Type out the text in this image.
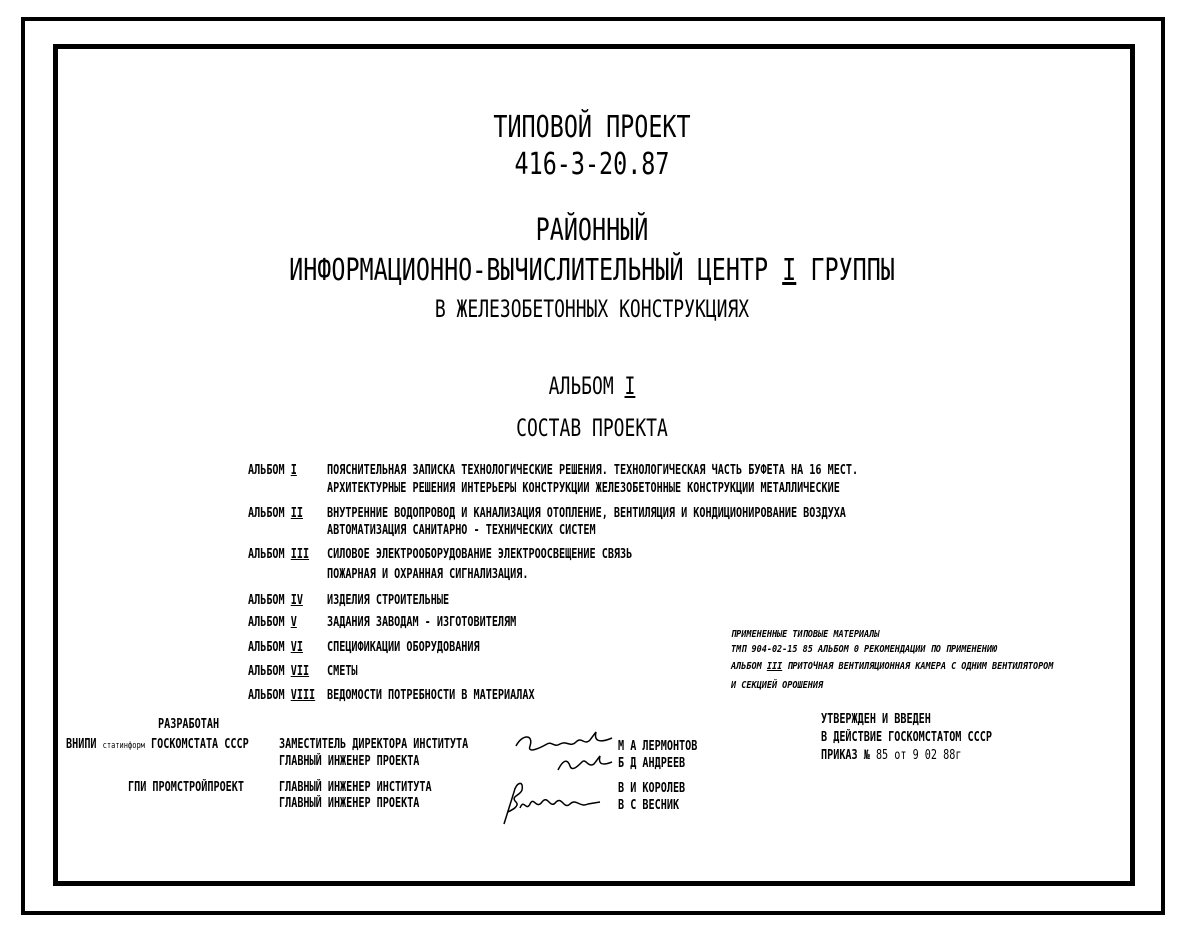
ТИПОВОЙ ПРОЕКТ
416-3-20.87
РАЙОННЫЙ
ИНФОРМАЦИОННО-ВЫЧИСЛИТЕЛЬНЫЙ ЦЕНТР I ГРУППЫ
В ЖЕЛЕЗОБЕТОННЫХ КОНСТРУКЦИЯХ
АЛЬБОМ I
СОСТАВ ПРОЕКТА
АЛЬБОМ I ПОЯСНИТЕЛЬНАЯ ЗАПИСКА ТЕХНОЛОГИЧЕСКИЕ РЕШЕНИЯ. ТЕХНОЛОГИЧЕСКАЯ ЧАСТЬ БУФЕТА НА 16 МЕСТ.
АРХИТЕКТУРНЫЕ РЕШЕНИЯ ИНТЕРЬЕРЫ КОНСТРУКЦИИ ЖЕЛЕЗОБЕТОННЫЕ КОНСТРУКЦИИ МЕТАЛЛИЧЕСКИЕ
АЛЬБОМ II ВНУТРЕННИЕ ВОДОПРОВОД И КАНАЛИЗАЦИЯ ОТОПЛЕНИЕ, ВЕНТИЛЯЦИЯ И КОНДИЦИОНИРОВАНИЕ ВОЗДУХА
АВТОМАТИЗАЦИЯ САНИТАРНО - ТЕХНИЧЕСКИХ СИСТЕМ
АЛЬБОМ III СИЛОВОЕ ЭЛЕКТРООБОРУДОВАНИЕ ЭЛЕКТРООСВЕЩЕНИЕ СВЯЗЬ
ПОЖАРНАЯ И ОХРАННАЯ СИГНАЛИЗАЦИЯ.
АЛЬБОМ IV ИЗДЕЛИЯ СТРОИТЕЛЬНЫЕ
АЛЬБОМ V ЗАДАНИЯ ЗАВОДАМ - ИЗГОТОВИТЕЛЯМ
АЛЬБОМ VI СПЕЦИФИКАЦИИ ОБОРУДОВАНИЯ
АЛЬБОМ VII СМЕТЫ
АЛЬБОМ VIII ВЕДОМОСТИ ПОТРЕБНОСТИ В МАТЕРИАЛАХ
ПРИМЕНЕННЫЕ ТИПОВЫЕ МАТЕРИАЛЫ
ТМП 904-02-15 85 АЛЬБОМ 0 РЕКОМЕНДАЦИИ ПО ПРИМЕНЕНИЮ
АЛЬБОМ III ПРИТОЧНАЯ ВЕНТИЛЯЦИОННАЯ КАМЕРА С ОДНИМ ВЕНТИЛЯТОРОМ
И СЕКЦИЕЙ ОРОШЕНИЯ
РАЗРАБОТАН
ВНИПИ статинформ ГОСКОМСТАТА СССР ЗАМЕСТИТЕЛЬ ДИРЕКТОРА ИНСТИТУТА
ГЛАВНЫЙ ИНЖЕНЕР ПРОЕКТА
М А ЛЕРМОНТОВ
Б Д АНДРЕЕВ
ГПИ ПРОМСТРОЙПРОЕКТ	ГЛАВНЫЙ ИНЖЕНЕР ИНСТИТУТА
ГЛАВНЫЙ ИНЖЕНЕР ПРОЕКТА
В И КОРОЛЕВ
В С ВЕСНИК
УТВЕРЖДЕН И ВВЕДЕН
В ДЕЙСТВИЕ ГОСКОМСТАТОМ СССР
ПРИКАЗ № 85 от 9 02 88г
